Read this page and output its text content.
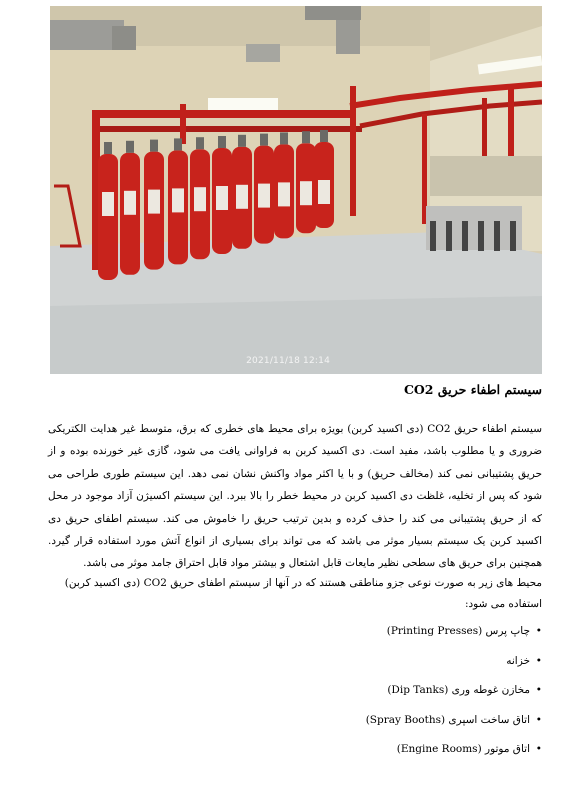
2021/11/18 12:14
سیستم اطفاء حریق CO2
سیستم اطفاء حریق CO2 (دی اکسید کربن) بویژه برای محیط های خطری که برق، متوسط غیر هدایت الکتریکی ضروری و یا مطلوب باشد، مفید است. دی اکسید کربن به فراوانی یافت می شود، گازی غیر خورنده بوده و از حریق پشتیبانی نمی کند (مخالف حریق) و با یا اکثر مواد واکنش نشان نمی دهد. این سیستم طوری طراحی می شود که پس از تخلیه، غلظت دی اکسید کربن در محیط خطر را بالا ببرد. این سیستم اکسیژن آزاد موجود در محل که از حریق پشتیبانی می کند را حذف کرده و بدین ترتیب حریق را خاموش می کند. سیستم اطفای حریق دی اکسید کربن یک سیستم بسیار موثر می باشد که می تواند برای بسیاری از انواع آتش مورد استفاده قرار گیرد. همچنین برای حریق های سطحی نظیر مایعات قابل اشتعال و بیشتر مواد قابل احتراق جامد موثر می باشد.
محیط های زیر به صورت نوعی جزو مناطقی هستند که در آنها از سیستم اطفای حریق CO2 (دی اکسید کربن) استفاده می شود:
• چاپ پرس (Printing Presses)
• خزانه
• مخازن غوطه وری (Dip Tanks)
• اتاق ساخت اسپری (Spray Booths)
• اتاق موتور (Engine Rooms)
